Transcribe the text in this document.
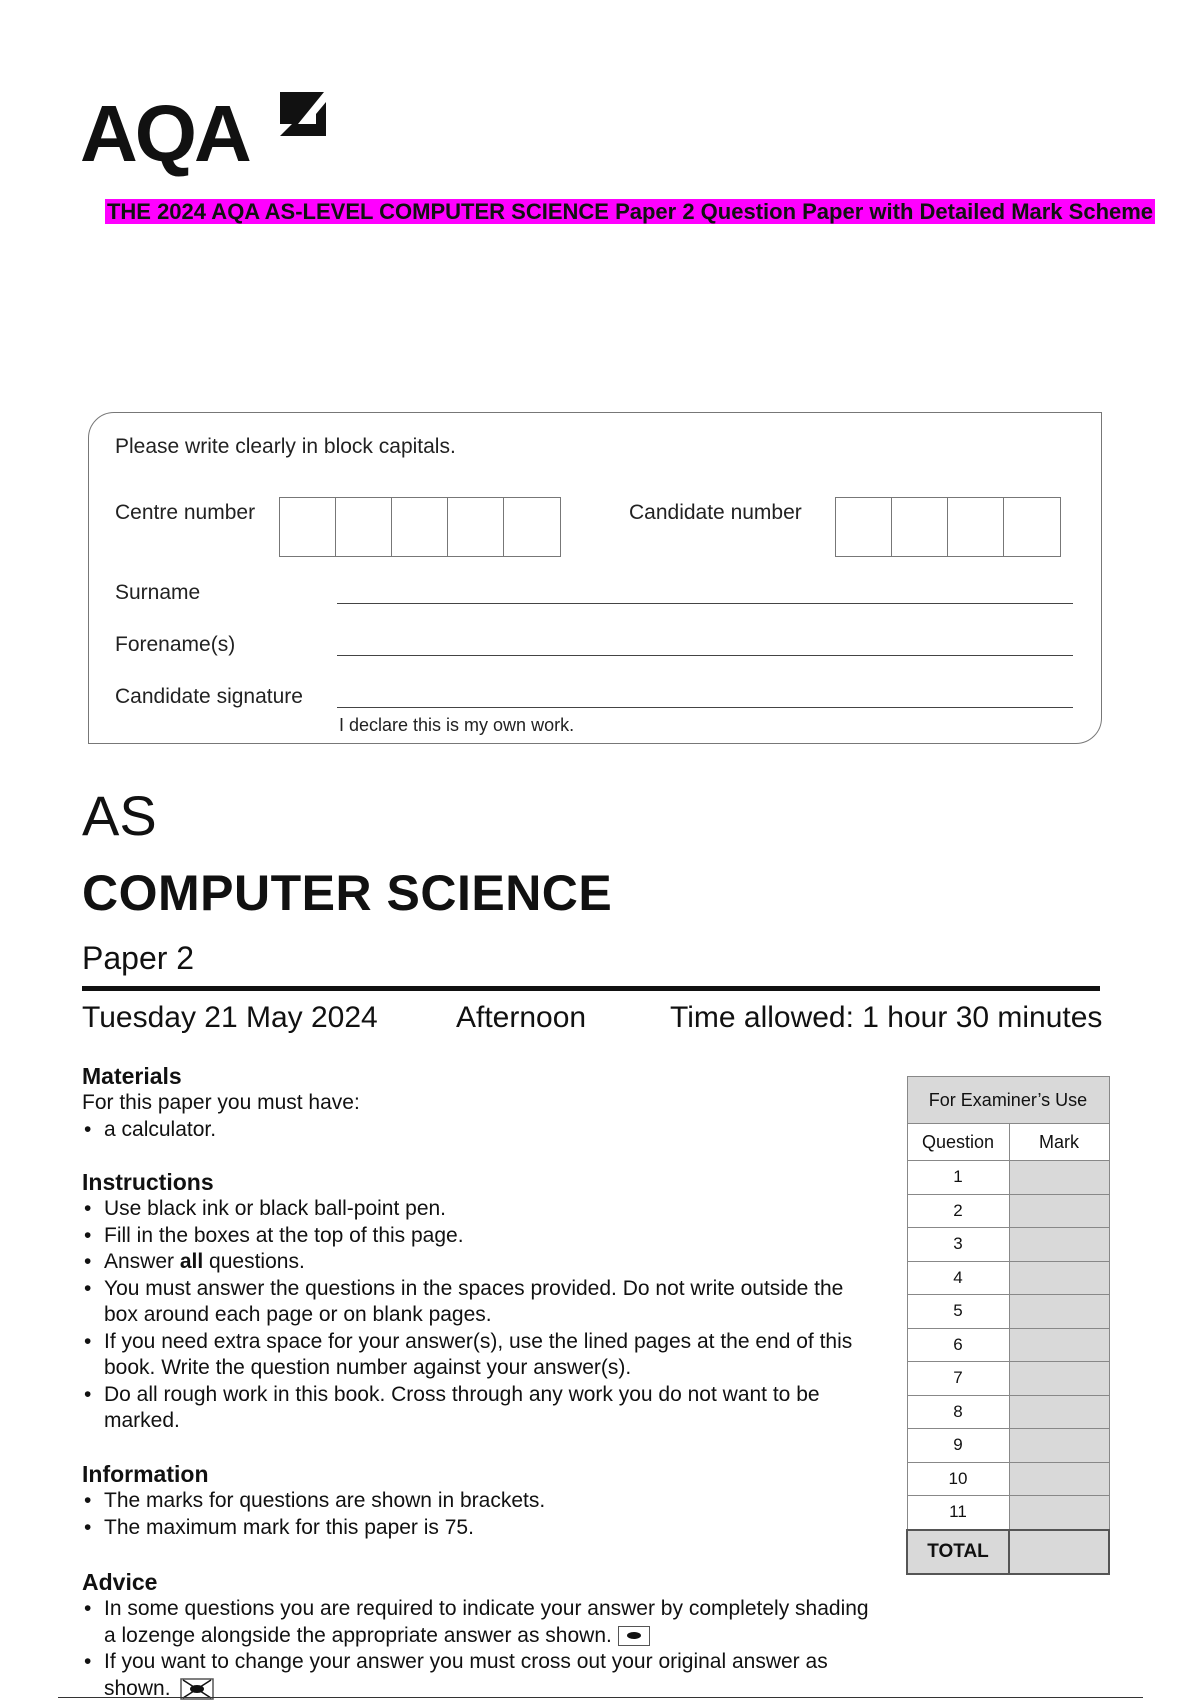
AQA
THE 2024 AQA AS-LEVEL COMPUTER SCIENCE Paper 2 Question Paper with Detailed Mark Scheme
Please write clearly in block capitals.
Centre number	Candidate number
Surname
Forename(s)
Candidate signature
I declare this is my own work.
AS
COMPUTER SCIENCE
Paper 2
Tuesday 21 May 2024	Afternoon	Time allowed: 1 hour 30 minutes
Materials

For this paper you must have:

• a calculator.
Instructions
• Use black ink or black ball-point pen.
• Fill in the boxes at the top of this page.
• Answer all questions.
• You must answer the questions in the spaces provided. Do not write outside the box around each page or on blank pages.
• If you need extra space for your answer(s), use the lined pages at the end of this book. Write the question number against your answer(s).
• Do all rough work in this book. Cross through any work you do not want to be marked.
Information
• The marks for questions are shown in brackets.
• The maximum mark for this paper is 75.
Advice
• In some questions you are required to indicate your answer by completely shading a lozenge alongside the appropriate answer as shown.
• If you want to change your answer you must cross out your original answer as shown.
For Examiner’s Use	
Question	Mark
1	
2	
3	
4	
5	
6	
7	
8	
9	
10	
11	
TOTAL	
